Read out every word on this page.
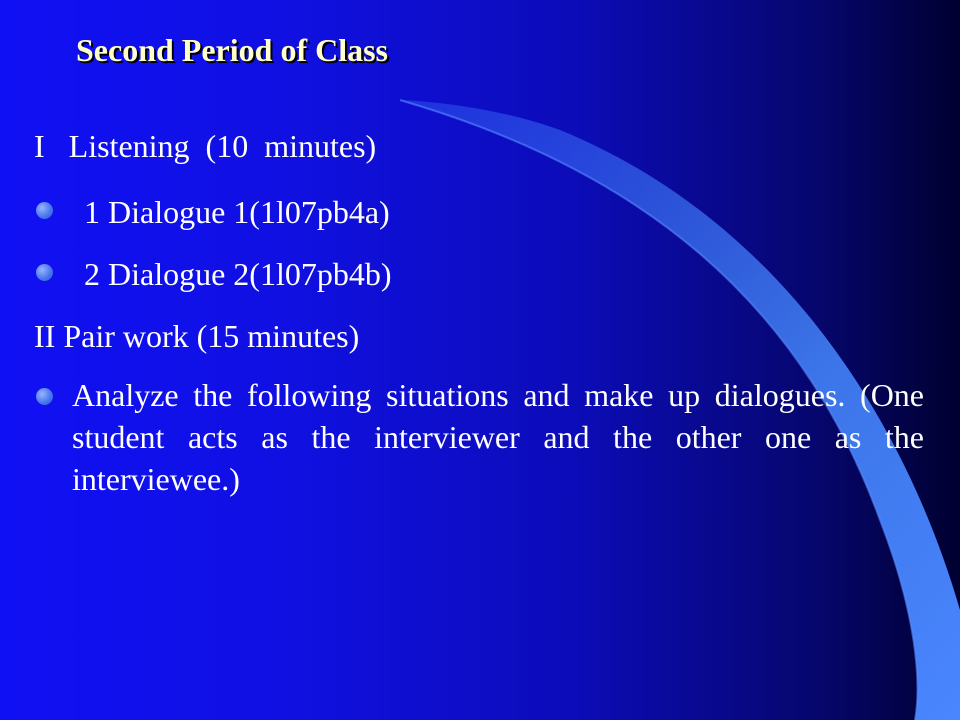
Second Period of Class
I   Listening  (10  minutes)
1 Dialogue 1(1l07pb4a)
2 Dialogue 2(1l07pb4b)
II Pair work (15 minutes)
Analyze the following situations and make up dialogues. (One student acts as the interviewer and the other one as the interviewee.)
